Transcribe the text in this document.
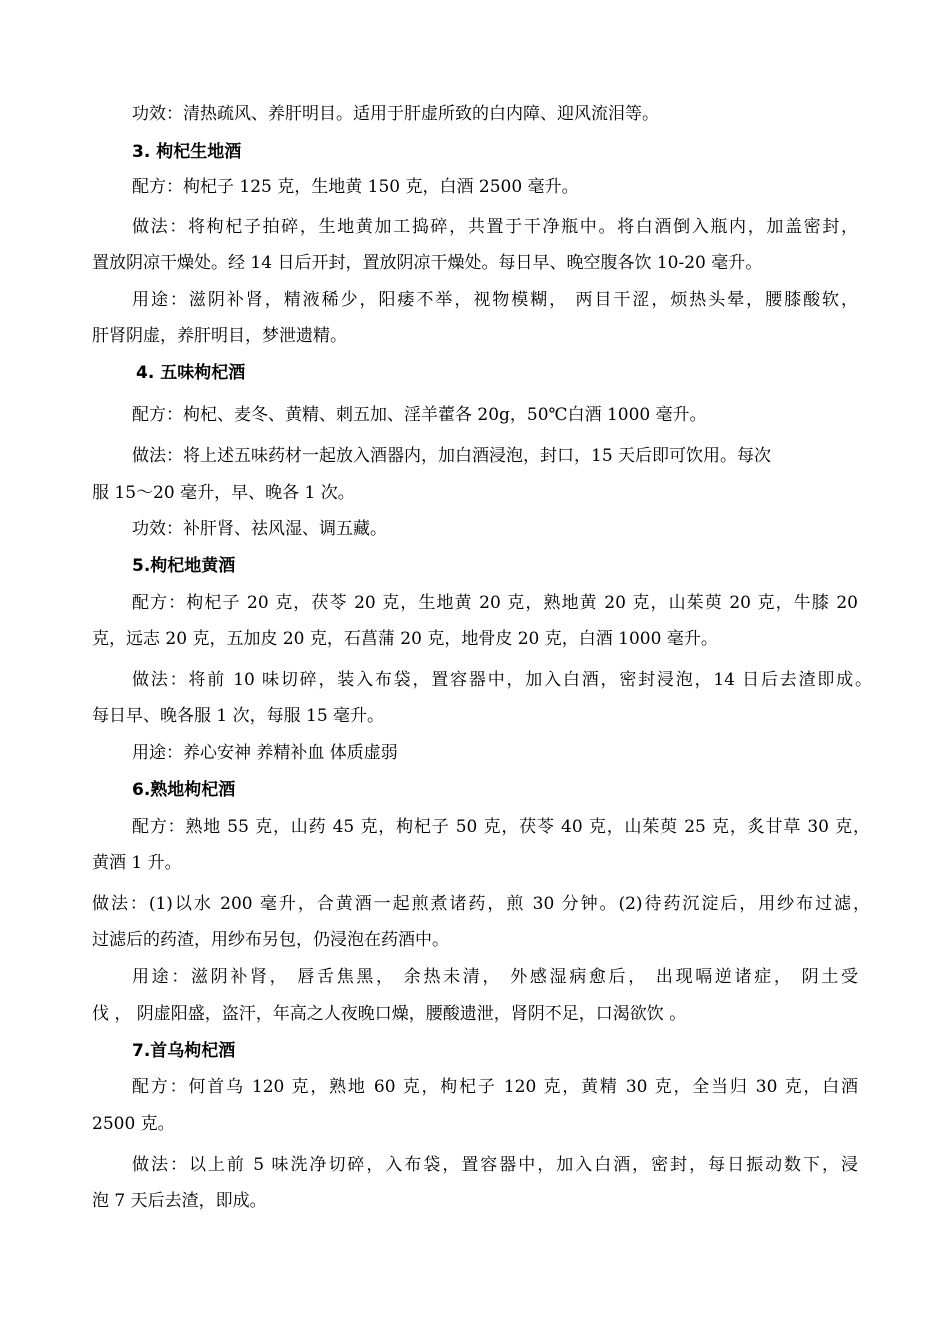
功效：清热疏风、养肝明目。适用于肝虚所致的白内障、迎风流泪等。
3. 枸杞生地酒
配方：枸杞子 125 克，生地黄 150 克，白酒 2500 毫升。
做法：将枸杞子拍碎，生地黄加工捣碎，共置于干净瓶中。将白酒倒入瓶内，加盖密封，
置放阴凉干燥处。经 14 日后开封，置放阴凉干燥处。每日早、晚空腹各饮 10-20 毫升。
用途：滋阴补肾，精液稀少，阳痿不举，视物模糊， 两目干涩，烦热头晕，腰膝酸软，
肝肾阴虚，养肝明目，梦泄遗精。
4. 五味枸杞酒
配方：枸杞、麦冬、黄精、刺五加、淫羊藿各 20g，50℃白酒 1000 毫升。
做法：将上述五味药材一起放入酒器内，加白酒浸泡，封口，15 天后即可饮用。每次
服 15～20 毫升，早、晚各 1 次。
功效：补肝肾、祛风湿、调五藏。
5.枸杞地黄酒
配方：枸杞子 20 克，茯苓 20 克，生地黄 20 克，熟地黄 20 克，山茱萸 20 克，牛膝 20
克，远志 20 克，五加皮 20 克，石菖蒲 20 克，地骨皮 20 克，白酒 1000 毫升。
做法：将前 10 味切碎，装入布袋，置容器中，加入白酒，密封浸泡，14 日后去渣即成。
每日早、晚各服 1 次，每服 15 毫升。
用途：养心安神 养精补血 体质虚弱
6.熟地枸杞酒
配方：熟地 55 克，山药 45 克，枸杞子 50 克，茯苓 40 克，山茱萸 25 克，炙甘草 30 克，
黄酒 1 升。
做法：(1)以水 200 毫升，合黄酒一起煎煮诸药，煎 30 分钟。(2)待药沉淀后，用纱布过滤，
过滤后的药渣，用纱布另包，仍浸泡在药酒中。
用途：滋阴补肾， 唇舌焦黑， 余热未清， 外感湿病愈后， 出现嗝逆诸症， 阴土受
伐 ， 阴虚阳盛，盗汗，年高之人夜晚口燥，腰酸遗泄，肾阴不足，口渴欲饮 。
7.首乌枸杞酒
配方：何首乌 120 克，熟地 60 克，枸杞子 120 克，黄精 30 克，全当归 30 克，白酒
2500 克。
做法：以上前 5 味洗净切碎，入布袋，置容器中，加入白酒，密封，每日振动数下，浸
泡 7 天后去渣，即成。
